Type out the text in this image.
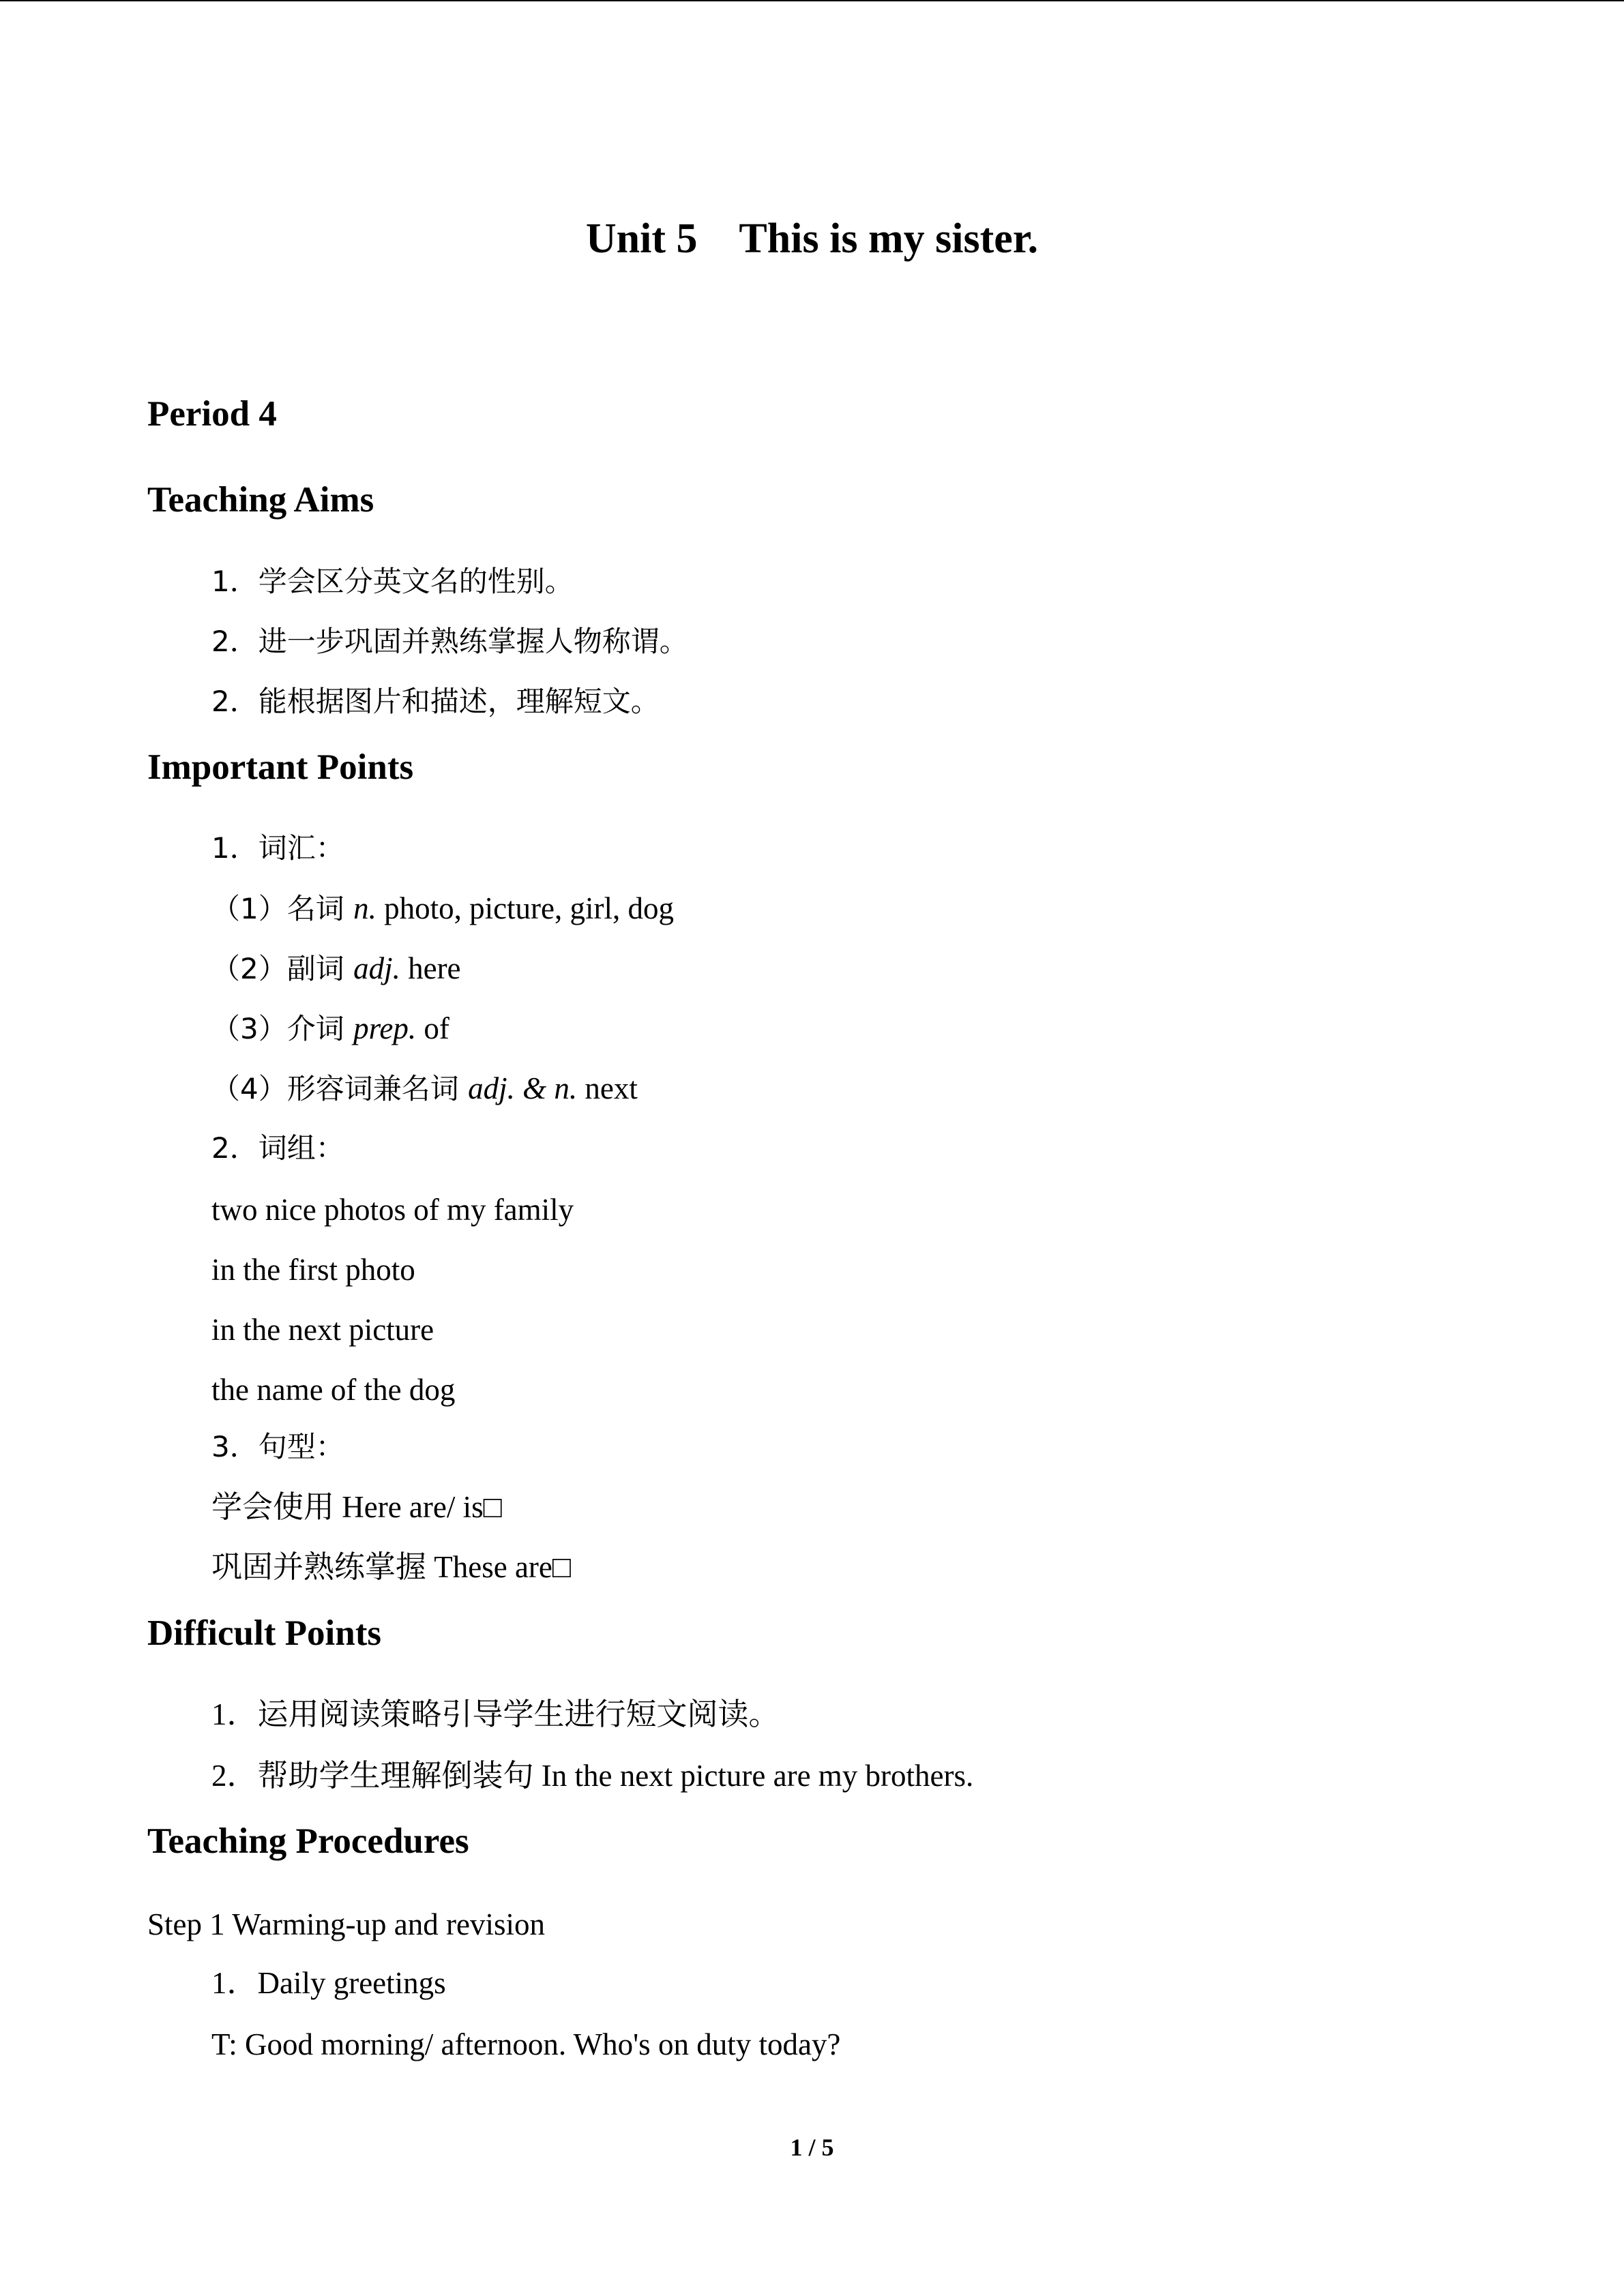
Unit 5    This is my sister.
Period 4
Teaching Aims
1．学会区分英文名的性别。
2．进一步巩固并熟练掌握人物称谓。
2．能根据图片和描述，理解短文。
Important Points
1．词汇：
（1）名词 n. photo, picture, girl, dog
（2）副词 adj. here
（3）介词 prep. of
（4）形容词兼名词 adj. & n. next
2．词组：
two nice photos of my family
in the first photo
in the next picture
the name of the dog
3．句型：
学会使用 Here are/ is□
巩固并熟练掌握 These are□
Difficult Points
1．运用阅读策略引导学生进行短文阅读。
2．帮助学生理解倒装句 In the next picture are my brothers.
Teaching Procedures
Step 1 Warming-up and revision
1．Daily greetings
T: Good morning/ afternoon. Who's on duty today?
1 / 5
